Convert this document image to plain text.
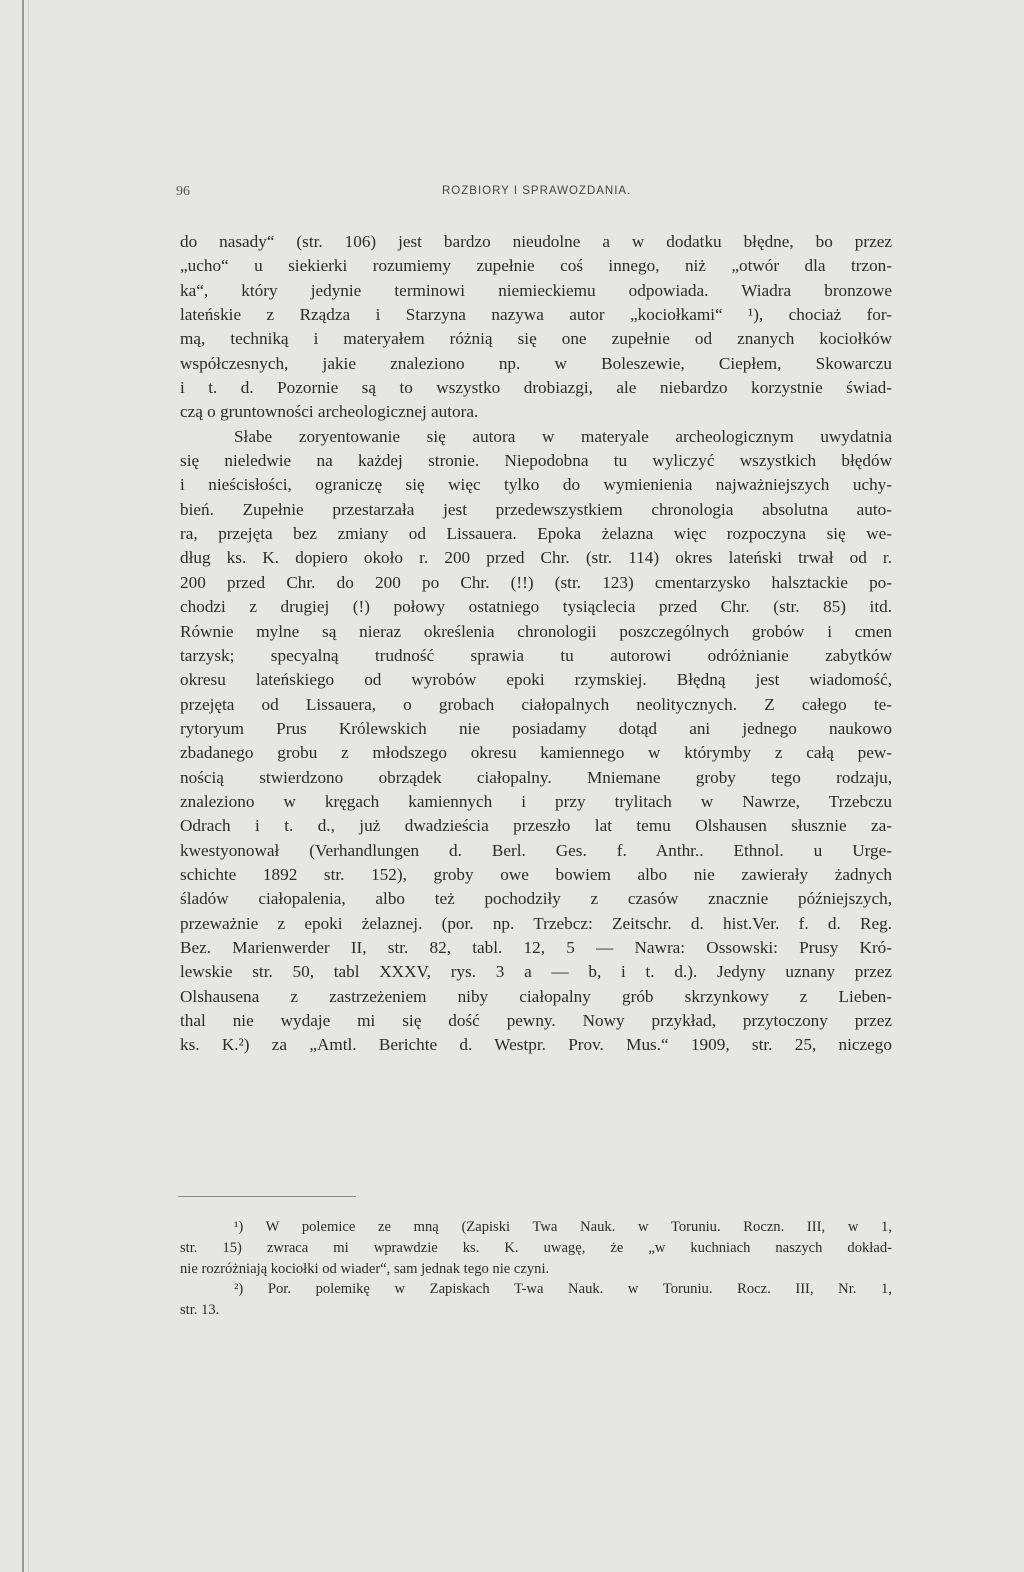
96	ROZBIORY I SPRAWOZDANIA.
do nasady“ (str. 106) jest bardzo nieudolne a w dodatku błędne, bo przez
„ucho“ u siekierki rozumiemy zupełnie coś innego, niż „otwór dla trzon-
ka“, który jedynie terminowi niemieckiemu odpowiada. Wiadra bronzowe
lateńskie z Rządza i Starzyna nazywa autor „kociołkami“ ¹), chociaż for-
mą, techniką i materyałem różnią się one zupełnie od znanych kociołków
współczesnych, jakie znaleziono np. w Boleszewie, Ciepłem, Skowarczu
i t. d. Pozornie są to wszystko drobiazgi, ale niebardzo korzystnie świad-
czą o gruntowności archeologicznej autora.
Słabe zoryentowanie się autora w materyale archeologicznym uwydatnia
się nieledwie na każdej stronie. Niepodobna tu wyliczyć wszystkich błędów
i nieścisłości, ograniczę się więc tylko do wymienienia najważniejszych uchy-
bień. Zupełnie przestarzała jest przedewszystkiem chronologia absolutna auto-
ra, przejęta bez zmiany od Lissauera. Epoka żelazna więc rozpoczyna się we-
dług ks. K. dopiero około r. 200 przed Chr. (str. 114) okres lateński trwał od r.
200 przed Chr. do 200 po Chr. (!!) (str. 123) cmentarzysko halsztackie po-
chodzi z drugiej (!) połowy ostatniego tysiąclecia przed Chr. (str. 85) itd.
Równie mylne są nieraz określenia chronologii poszczególnych grobów i cmen
tarzysk; specyalną trudność sprawia tu autorowi odróżnianie zabytków
okresu lateńskiego od wyrobów epoki rzymskiej. Błędną jest wiadomość,
przejęta od Lissauera, o grobach ciałopalnych neolitycznych. Z całego te-
rytoryum Prus Królewskich nie posiadamy dotąd ani jednego naukowo
zbadanego grobu z młodszego okresu kamiennego w którymby z całą pew-
nością stwierdzono obrządek ciałopalny. Mniemane groby tego rodzaju,
znaleziono w kręgach kamiennych i przy trylitach w Nawrze, Trzebczu
Odrach i t. d., już dwadzieścia przeszło lat temu Olshausen słusznie za-
kwestyonował (Verhandlungen d. Berl. Ges. f. Anthr.. Ethnol. u Urge-
schichte 1892 str. 152), groby owe bowiem albo nie zawierały żadnych
śladów ciałopalenia, albo też pochodziły z czasów znacznie późniejszych,
przeważnie z epoki żelaznej. (por. np. Trzebcz: Zeitschr. d. hist.Ver. f. d. Reg.
Bez. Marienwerder II, str. 82, tabl. 12, 5 — Nawra: Ossowski: Prusy Kró-
lewskie str. 50, tabl XXXV, rys. 3 a — b, i t. d.). Jedyny uznany przez
Olshausena z zastrzeżeniem niby ciałopalny grób skrzynkowy z Lieben-
thal nie wydaje mi się dość pewny. Nowy przykład, przytoczony przez
ks. K.²) za „Amtl. Berichte d. Westpr. Prov. Mus.“ 1909, str. 25, niczego
¹) W polemice ze mną (Zapiski Twa Nauk. w Toruniu. Roczn. III, w 1,
str. 15) zwraca mi wprawdzie ks. K. uwagę, że „w kuchniach naszych dokład-
nie rozróżniają kociołki od wiader“, sam jednak tego nie czyni.
²) Por. polemikę w Zapiskach T-wa Nauk. w Toruniu. Rocz. III, Nr. 1,
str. 13.
